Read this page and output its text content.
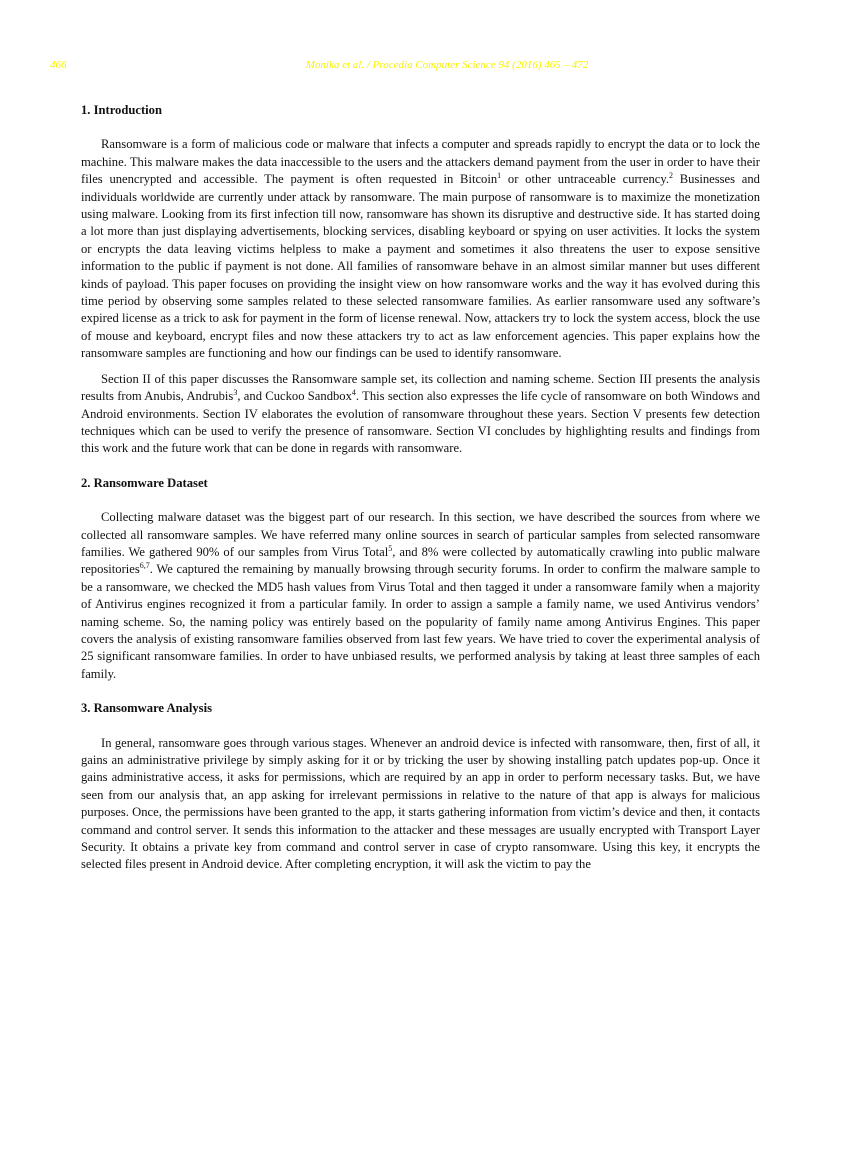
466	Monika et al. / Procedia Computer Science 94 (2016) 465 – 472
1. Introduction

Ransomware is a form of malicious code or malware that infects a computer and spreads rapidly to encrypt the data or to lock the machine. This malware makes the data inaccessible to the users and the attackers demand payment from the user in order to have their files unencrypted and accessible. The payment is often requested in Bitcoin$^1$ or other untraceable currency.$^2$ Businesses and individuals worldwide are currently under attack by ransomware. The main purpose of ransomware is to maximize the monetization using malware. Looking from its first infection till now, ransomware has shown its disruptive and destructive side. It has started doing a lot more than just displaying advertisements, blocking services, disabling keyboard or spying on user activities. It locks the system or encrypts the data leaving victims helpless to make a payment and sometimes it also threatens the user to expose sensitive information to the public if payment is not done. All families of ransomware behave in an almost similar manner but uses different kinds of payload. This paper focuses on providing the insight view on how ransomware works and the way it has evolved during this time period by observing some samples related to these selected ransomware families. As earlier ransomware used any software’s expired license as a trick to ask for payment in the form of license renewal. Now, attackers try to lock the system access, block the use of mouse and keyboard, encrypt files and now these attackers try to act as law enforcement agencies. This paper explains how the ransomware samples are functioning and how our findings can be used to identify ransomware.

Section II of this paper discusses the Ransomware sample set, its collection and naming scheme. Section III presents the analysis results from Anubis, Andrubis$^3$, and Cuckoo Sandbox$^4$. This section also expresses the life cycle of ransomware on both Windows and Android environments. Section IV elaborates the evolution of ransomware throughout these years. Section V presents few detection techniques which can be used to verify the presence of ransomware. Section VI concludes by highlighting results and findings from this work and the future work that can be done in regards with ransomware.

2. Ransomware Dataset

Collecting malware dataset was the biggest part of our research. In this section, we have described the sources from where we collected all ransomware samples. We have referred many online sources in search of particular samples from selected ransomware families. We gathered 90% of our samples from Virus Total$^5$, and 8% were collected by automatically crawling into public malware repositories$^{6,7}$. We captured the remaining by manually browsing through security forums. In order to confirm the malware sample to be a ransomware, we checked the MD5 hash values from Virus Total and then tagged it under a ransomware family when a majority of Antivirus engines recognized it from a particular family. In order to assign a sample a family name, we used Antivirus vendors’ naming scheme. So, the naming policy was entirely based on the popularity of family name among Antivirus Engines. This paper covers the analysis of existing ransomware families observed from last few years. We have tried to cover the experimental analysis of 25 significant ransomware families. In order to have unbiased results, we performed analysis by taking at least three samples of each family.

3. Ransomware Analysis

In general, ransomware goes through various stages. Whenever an android device is infected with ransomware, then, first of all, it gains an administrative privilege by simply asking for it or by tricking the user by showing installing patch updates pop-up. Once it gains administrative access, it asks for permissions, which are required by an app in order to perform necessary tasks. But, we have seen from our analysis that, an app asking for irrelevant permissions in relative to the nature of that app is always for malicious purposes. Once, the permissions have been granted to the app, it starts gathering information from victim’s device and then, it contacts command and control server. It sends this information to the attacker and these messages are usually encrypted with Transport Layer Security. It obtains a private key from command and control server in case of crypto ransomware. Using this key, it encrypts the selected files present in Android device. After completing encryption, it will ask the victim to pay the
